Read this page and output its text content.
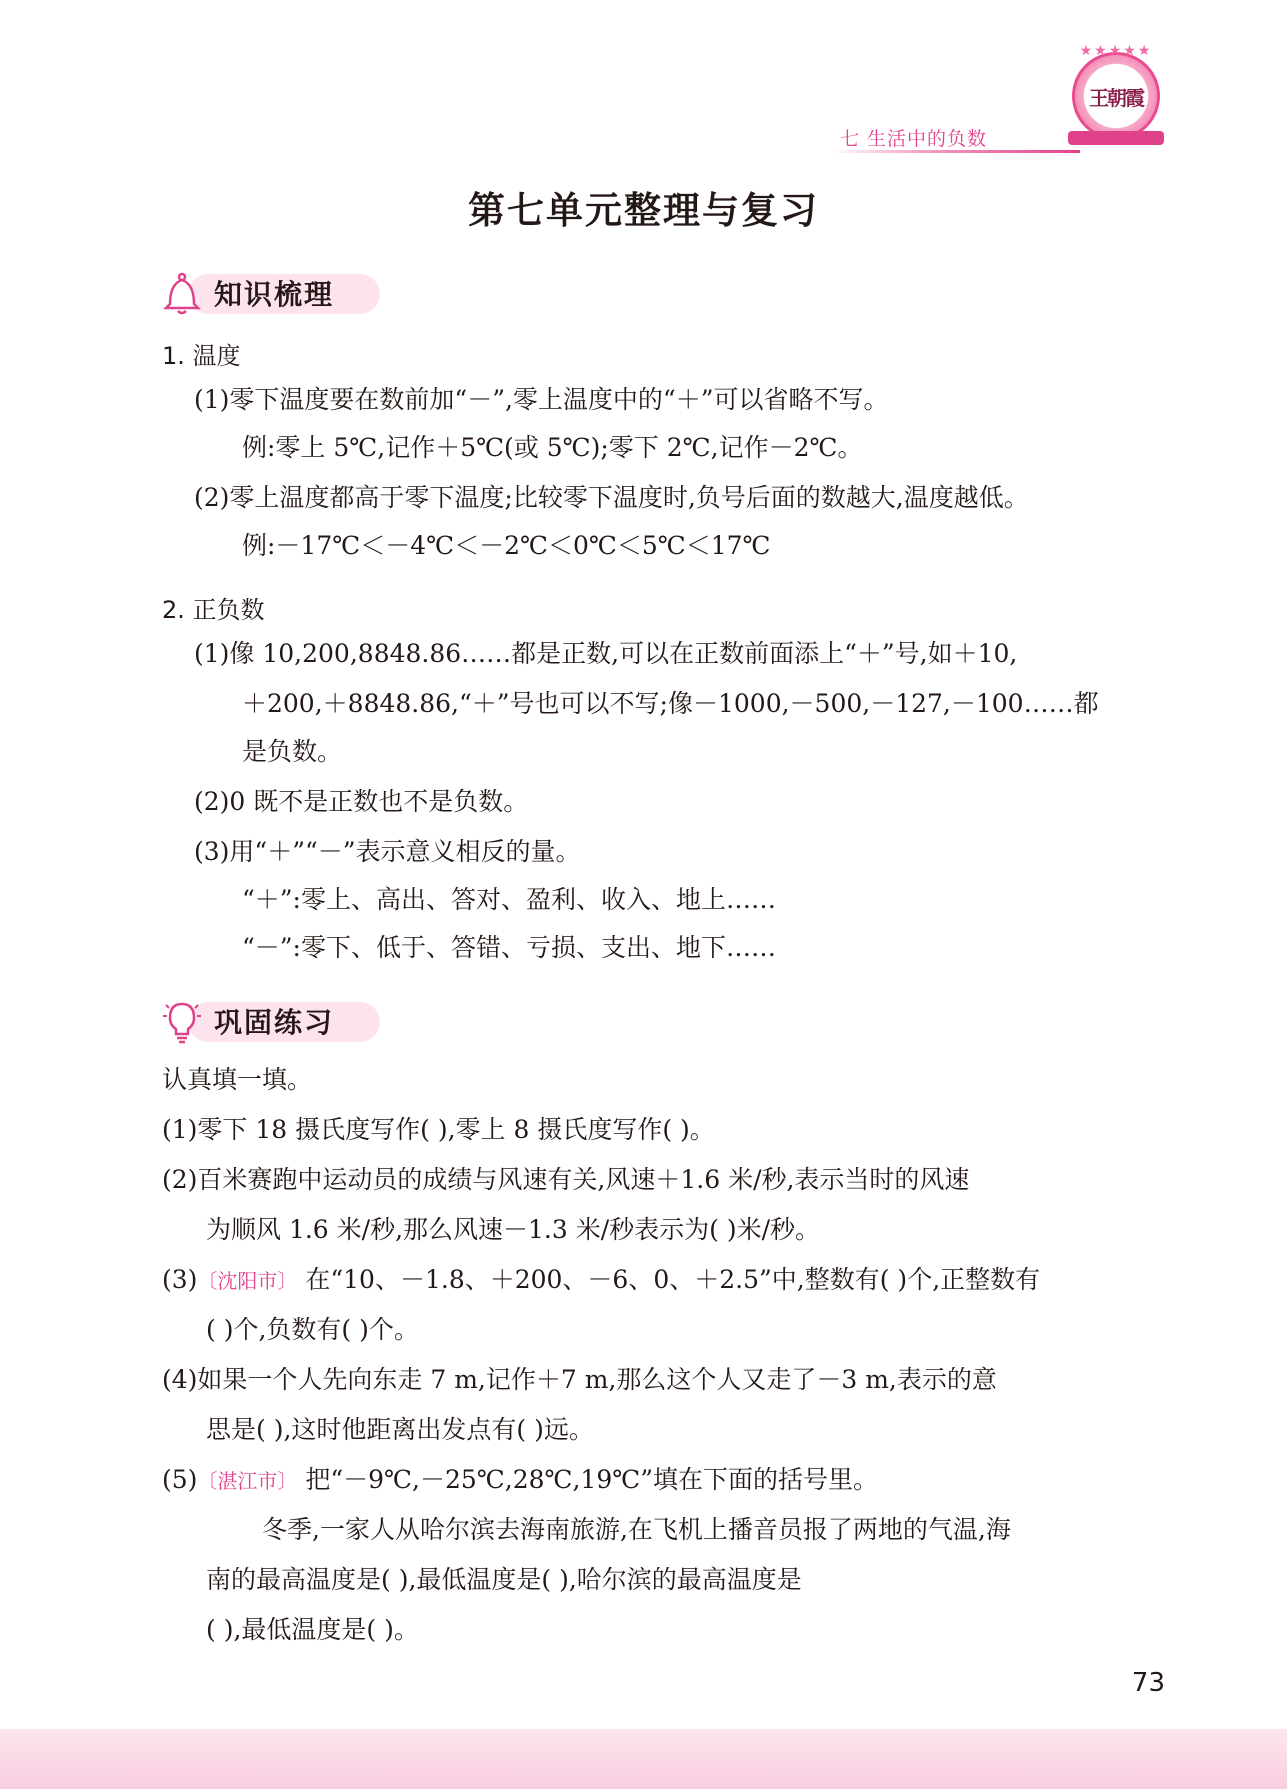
★★★★★
王朝霞
七 生活中的负数
第七单元整理与复习
知识梳理
1. 温度
(1)零下温度要在数前加“－”,零上温度中的“＋”可以省略不写。
例:零上 5℃,记作＋5℃(或 5℃);零下 2℃,记作－2℃。
(2)零上温度都高于零下温度;比较零下温度时,负号后面的数越大,温度越低。
例:－17℃＜－4℃＜－2℃＜0℃＜5℃＜17℃
2. 正负数
(1)像 10,200,8848.86……都是正数,可以在正数前面添上“＋”号,如＋10,
＋200,＋8848.86,“＋”号也可以不写;像－1000,－500,－127,－100……都
是负数。
(2)0 既不是正数也不是负数。
(3)用“＋”“－”表示意义相反的量。
“＋”:零上、高出、答对、盈利、收入、地上……
“－”:零下、低于、答错、亏损、支出、地下……
巩固练习
认真填一填。
(1)零下 18 摄氏度写作( ),零上 8 摄氏度写作( )。
(2)百米赛跑中运动员的成绩与风速有关,风速＋1.6 米/秒,表示当时的风速
为顺风 1.6 米/秒,那么风速－1.3 米/秒表示为( )米/秒。
(3)〔沈阳市〕 在“10、－1.8、＋200、－6、0、＋2.5”中,整数有( )个,正整数有
( )个,负数有( )个。
(4)如果一个人先向东走 7 m,记作＋7 m,那么这个人又走了－3 m,表示的意
思是( ),这时他距离出发点有( )远。
(5)〔湛江市〕 把“－9℃,－25℃,28℃,19℃”填在下面的括号里。
冬季,一家人从哈尔滨去海南旅游,在飞机上播音员报了两地的气温,海
南的最高温度是( ),最低温度是( ),哈尔滨的最高温度是
( ),最低温度是( )。
73
